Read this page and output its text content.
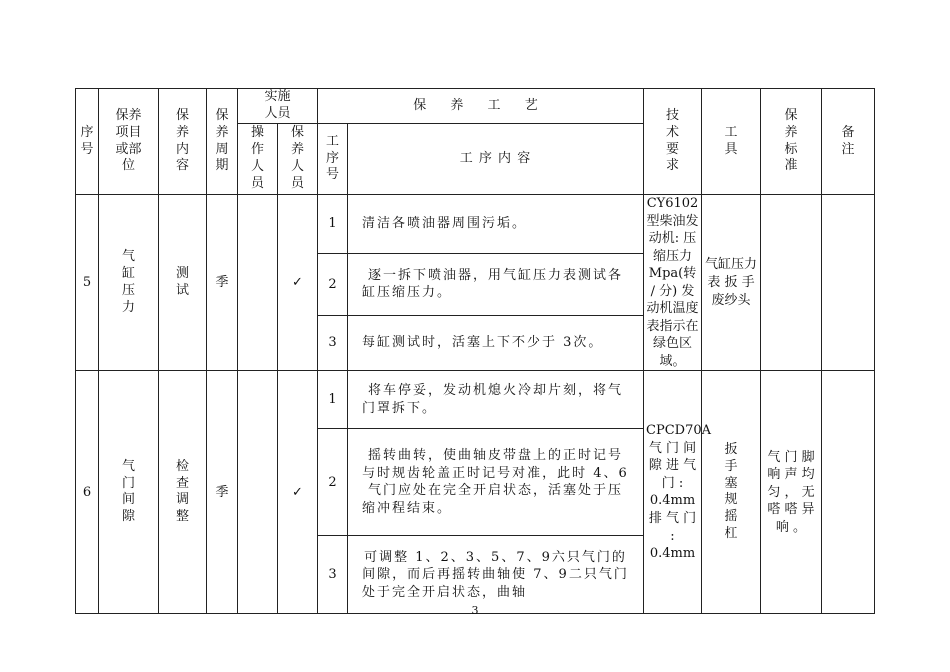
序号	保养项目或部位	保养内容	保养周期	实施人员		保 养 工 艺		技术要求	工具	保养标准	备注
				操作人员	保养人员	工序号	工 序 内 容				
5	气缸压力	测试	季		✓	1	清洁各喷油器周围污垢。	CY6102 型柴油发动机: 压缩压力 Mpa(转 / 分) 发动机温度表指示在绿色区域。	气缸压力表 扳 手 废纱头		
						2	逐一拆下喷油器，用气缸压力表测试各缸压缩压力。				
						3	每缸测试时，活塞上下不少于 3次。				
6	气门间隙	检查调整	季		✓	1	将车停妥，发动机熄火冷却片刻，将气门罩拆下。	CPCD70A 气 门 间 隙 进 气 门 : 0.4mm 排 气 门 : 0.4mm	扳手塞规摇杠	气 门 脚 响 声 均 匀 ， 无 嗒 嗒 异 响 。	
						2	摇转曲转，使曲轴皮带盘上的正时记号与时规齿轮盖正时记号对准，此时 4、6气门应处在完全开启状态，活塞处于压缩冲程结束。				
						3	可调整 1、2、3、5、7、9六只气门的间隙，而后再摇转曲轴使 7、9二只气门处于完全开启状态，曲轴				
3
